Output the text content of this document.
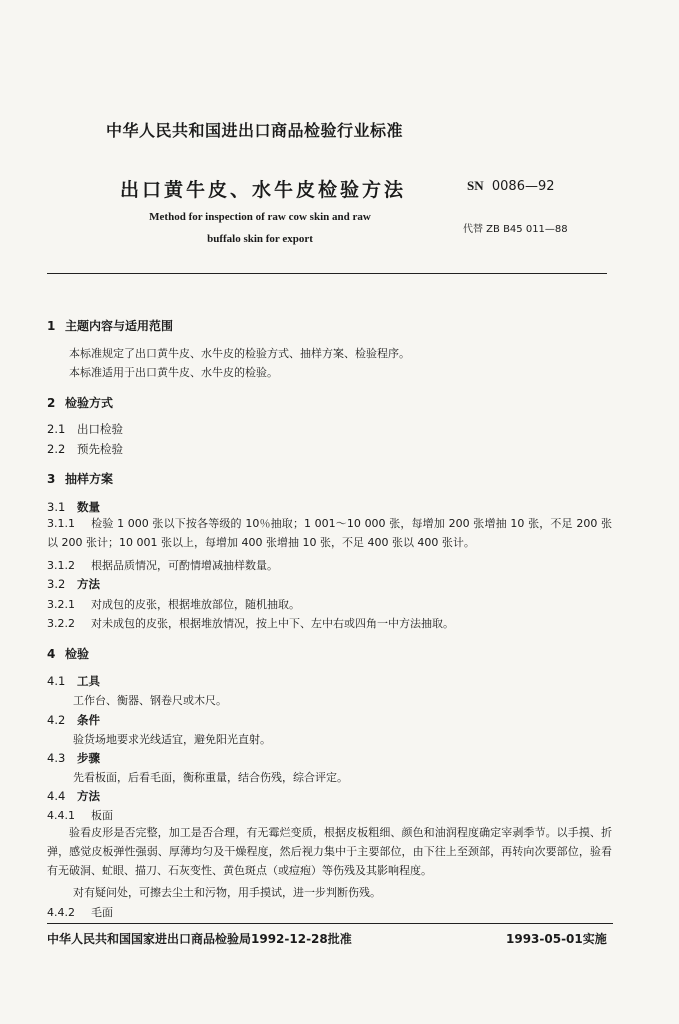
中华人民共和国进出口商品检验行业标准
出口黄牛皮、水牛皮检验方法	SN 0086—92
Method for inspection of raw cow skin and raw
buffalo skin for export
代替 ZB B45 011—88
1 主题内容与适用范围
本标准规定了出口黄牛皮、水牛皮的检验方式、抽样方案、检验程序。
本标准适用于出口黄牛皮、水牛皮的检验。
2 检验方式
2.1 出口检验
2.2 预先检验
3 抽样方案
3.1 数量
3.1.1 检验 1 000 张以下按各等级的 10％抽取；1 001～10 000 张，每增加 200 张增抽 10 张，不足 200 张以 200 张计；10 001 张以上，每增加 400 张增抽 10 张，不足 400 张以 400 张计。
3.1.2 根据品质情况，可酌情增减抽样数量。
3.2 方法
3.2.1 对成包的皮张，根据堆放部位，随机抽取。
3.2.2 对未成包的皮张，根据堆放情况，按上中下、左中右或四角一中方法抽取。
4 检验
4.1 工具
工作台、衡器、钢卷尺或木尺。
4.2 条件
验货场地要求光线适宜，避免阳光直射。
4.3 步骤
先看板面，后看毛面，衡称重量，结合伤残，综合评定。
4.4 方法
4.4.1 板面
验看皮形是否完整，加工是否合理，有无霉烂变质，根据皮板粗细、颜色和油润程度确定宰剥季节。以手摸、折弹，感觉皮板弹性强弱、厚薄均匀及干燥程度，然后视力集中于主要部位，由下往上至颈部，再转向次要部位，验看有无破洞、虻眼、描刀、石灰变性、黄色斑点（或痘疱）等伤残及其影响程度。
对有疑问处，可擦去尘土和污物，用手摸试，进一步判断伤残。
4.4.2 毛面
中华人民共和国国家进出口商品检验局1992-12-28批准	1993-05-01实施
